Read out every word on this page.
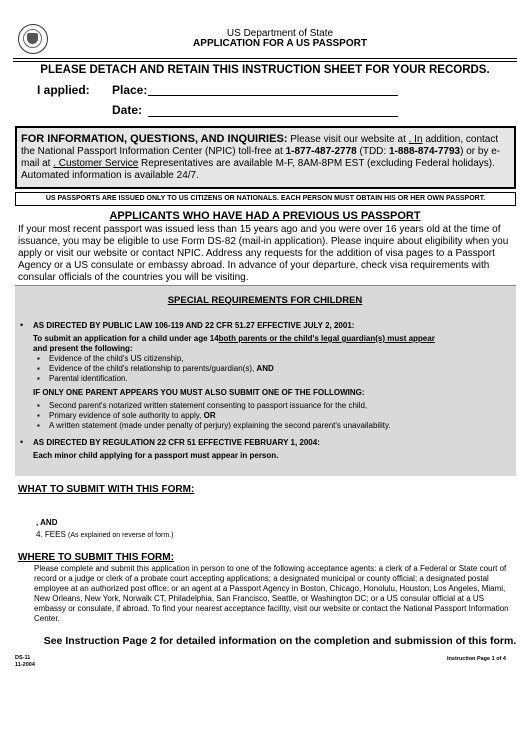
US Department of State
APPLICATION FOR A US PASSPORT
PLEASE DETACH AND RETAIN THIS INSTRUCTION SHEET FOR YOUR RECORDS.
I applied: Place:
Date:
FOR INFORMATION, QUESTIONS, AND INQUIRIES: Please visit our website at . In addition, contact the National Passport Information Center (NPIC) toll-free at 1-877-487-2778 (TDD: 1-888-874-7793) or by e-mail at . Customer Service Representatives are available M-F, 8AM-8PM EST (excluding Federal holidays). Automated information is available 24/7.
US PASSPORTS ARE ISSUED ONLY TO US CITIZENS OR NATIONALS. EACH PERSON MUST OBTAIN HIS OR HER OWN PASSPORT.
APPLICANTS WHO HAVE HAD A PREVIOUS US PASSPORT
If your most recent passport was issued less than 15 years ago and you were over 16 years old at the time of issuance, you may be eligible to use Form DS-82 (mail-in application). Please inquire about eligibility when you apply or visit our website or contact NPIC. Address any requests for the addition of visa pages to a Passport Agency or a US consulate or embassy abroad. In advance of your departure, check visa requirements with consular officials of the countries you will be visiting.
SPECIAL REQUIREMENTS FOR CHILDREN
• AS DIRECTED BY PUBLIC LAW 106-119 AND 22 CFR 51.27 EFFECTIVE JULY 2, 2001:
To submit an application for a child under age 14both parents or the child's legal guardian(s) must appear
and present the following:
▪ Evidence of the child's US citizenship,
▪ Evidence of the child's relationship to parents/guardian(s), AND
▪ Parental identification.
IF ONLY ONE PARENT APPEARS YOU MUST ALSO SUBMIT ONE OF THE FOLLOWING:
▪ Second parent's notarized written statement consenting to passport issuance for the child,
▪ Primary evidence of sole authority to apply, OR
▪ A written statement (made under penalty of perjury) explaining the second parent's unavailability.
• AS DIRECTED BY REGULATION 22 CFR 51 EFFECTIVE FEBRUARY 1, 2004:
Each minor child applying for a passport must appear in person.
WHAT TO SUBMIT WITH THIS FORM:
, AND
4. FEES (As explained on reverse of form.)
WHERE TO SUBMIT THIS FORM:
Please complete and submit this application in person to one of the following acceptance agents: a clerk of a Federal or State court of record or a judge or clerk of a probate court accepting applications; a designated municipal or county official; a designated postal employee at an authorized post office; or an agent at a Passport Agency in Boston, Chicago, Honolulu, Houston, Los Angeles, Miami, New Orleans, New York, Norwalk CT, Philadelphia, San Francisco, Seattle, or Washington DC; or a US consular official at a US embassy or consulate, if abroad. To find your nearest acceptance facility, visit our website or contact the National Passport Information Center.
See Instruction Page 2 for detailed information on the completion and submission of this form.
DS-11
11-2004
Instruction Page 1 of 4
